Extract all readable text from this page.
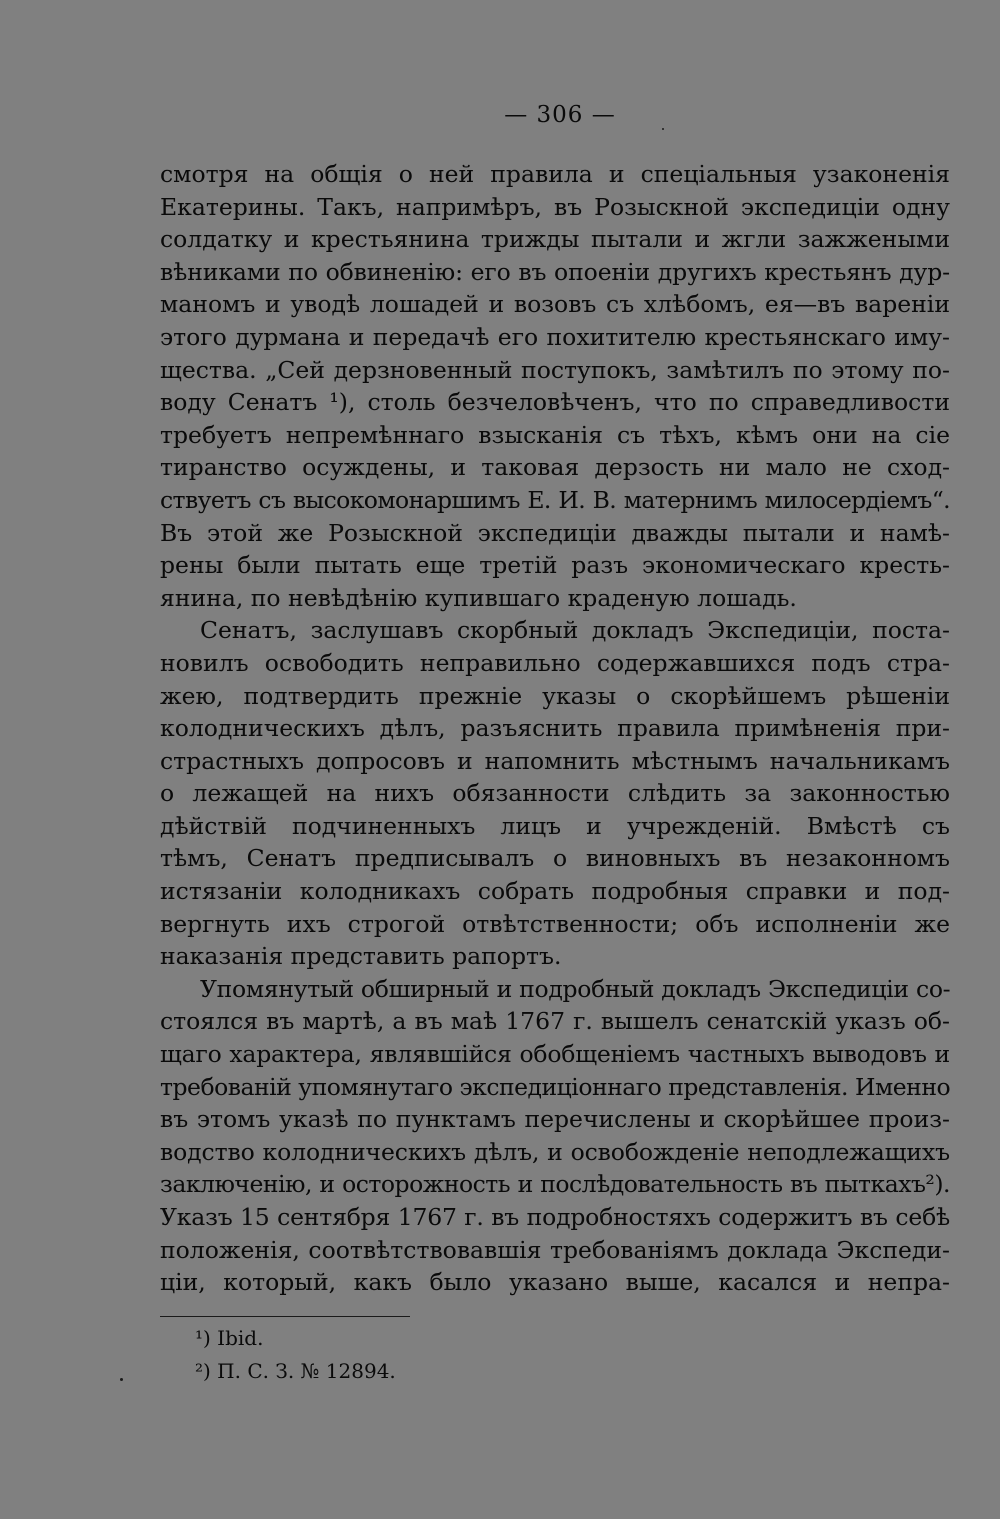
— 306 —
смотря на общія о ней правила и спеціальныя узаконенія
Екатерины. Такъ, напримѣръ, въ Розыскной экспедиціи одну
солдатку и крестьянина трижды пытали и жгли зажжеными
вѣниками по обвиненію: его въ опоеніи другихъ крестьянъ дур-
маномъ и уводѣ лошадей и возовъ съ хлѣбомъ, ея—въ вареніи
этого дурмана и передачѣ его похитителю крестьянскаго иму-
щества. „Сей дерзновенный поступокъ, замѣтилъ по этому по-
воду Сенатъ ¹), столь безчеловѣченъ, что по справедливости
требуетъ непремѣннаго взысканія съ тѣхъ, кѣмъ они на сіе
тиранство осуждены, и таковая дерзость ни мало не сход-
ствуетъ съ высокомонаршимъ Е. И. В. матернимъ милосердіемъ“.
Въ этой же Розыскной экспедиціи дважды пытали и намѣ-
рены были пытать еще третій разъ экономическаго кресть-
янина, по невѣдѣнію купившаго краденую лошадь.
Сенатъ, заслушавъ скорбный докладъ Экспедиціи, поста-
новилъ освободить неправильно содержавшихся подъ стра-
жею, подтвердить прежніе указы о скорѣйшемъ рѣшеніи
колодническихъ дѣлъ, разъяснить правила примѣненія при-
страстныхъ допросовъ и напомнить мѣстнымъ начальникамъ
о лежащей на нихъ обязанности слѣдить за законностью
дѣйствій подчиненныхъ лицъ и учрежденій. Вмѣстѣ съ
тѣмъ, Сенатъ предписывалъ о виновныхъ въ незаконномъ
истязаніи колодникахъ собрать подробныя справки и под-
вергнуть ихъ строгой отвѣтственности; объ исполненіи же
наказанія представить рапортъ.
Упомянутый обширный и подробный докладъ Экспедиціи со-
стоялся въ мартѣ, а въ маѣ 1767 г. вышелъ сенатскій указъ об-
щаго характера, являвшійся обобщеніемъ частныхъ выводовъ и
требованій упомянутаго экспедиціоннаго представленія. Именно
въ этомъ указѣ по пунктамъ перечислены и скорѣйшее произ-
водство колодническихъ дѣлъ, и освобожденіе неподлежащихъ
заключенію, и осторожность и послѣдовательность въ пыткахъ²).
Указъ 15 сентября 1767 г. въ подробностяхъ содержитъ въ себѣ
положенія, соотвѣтствовавшія требованіямъ доклада Экспеди-
ціи, который, какъ было указано выше, касался и непра-
¹) Ibid.
²) П. С. З. № 12894.
